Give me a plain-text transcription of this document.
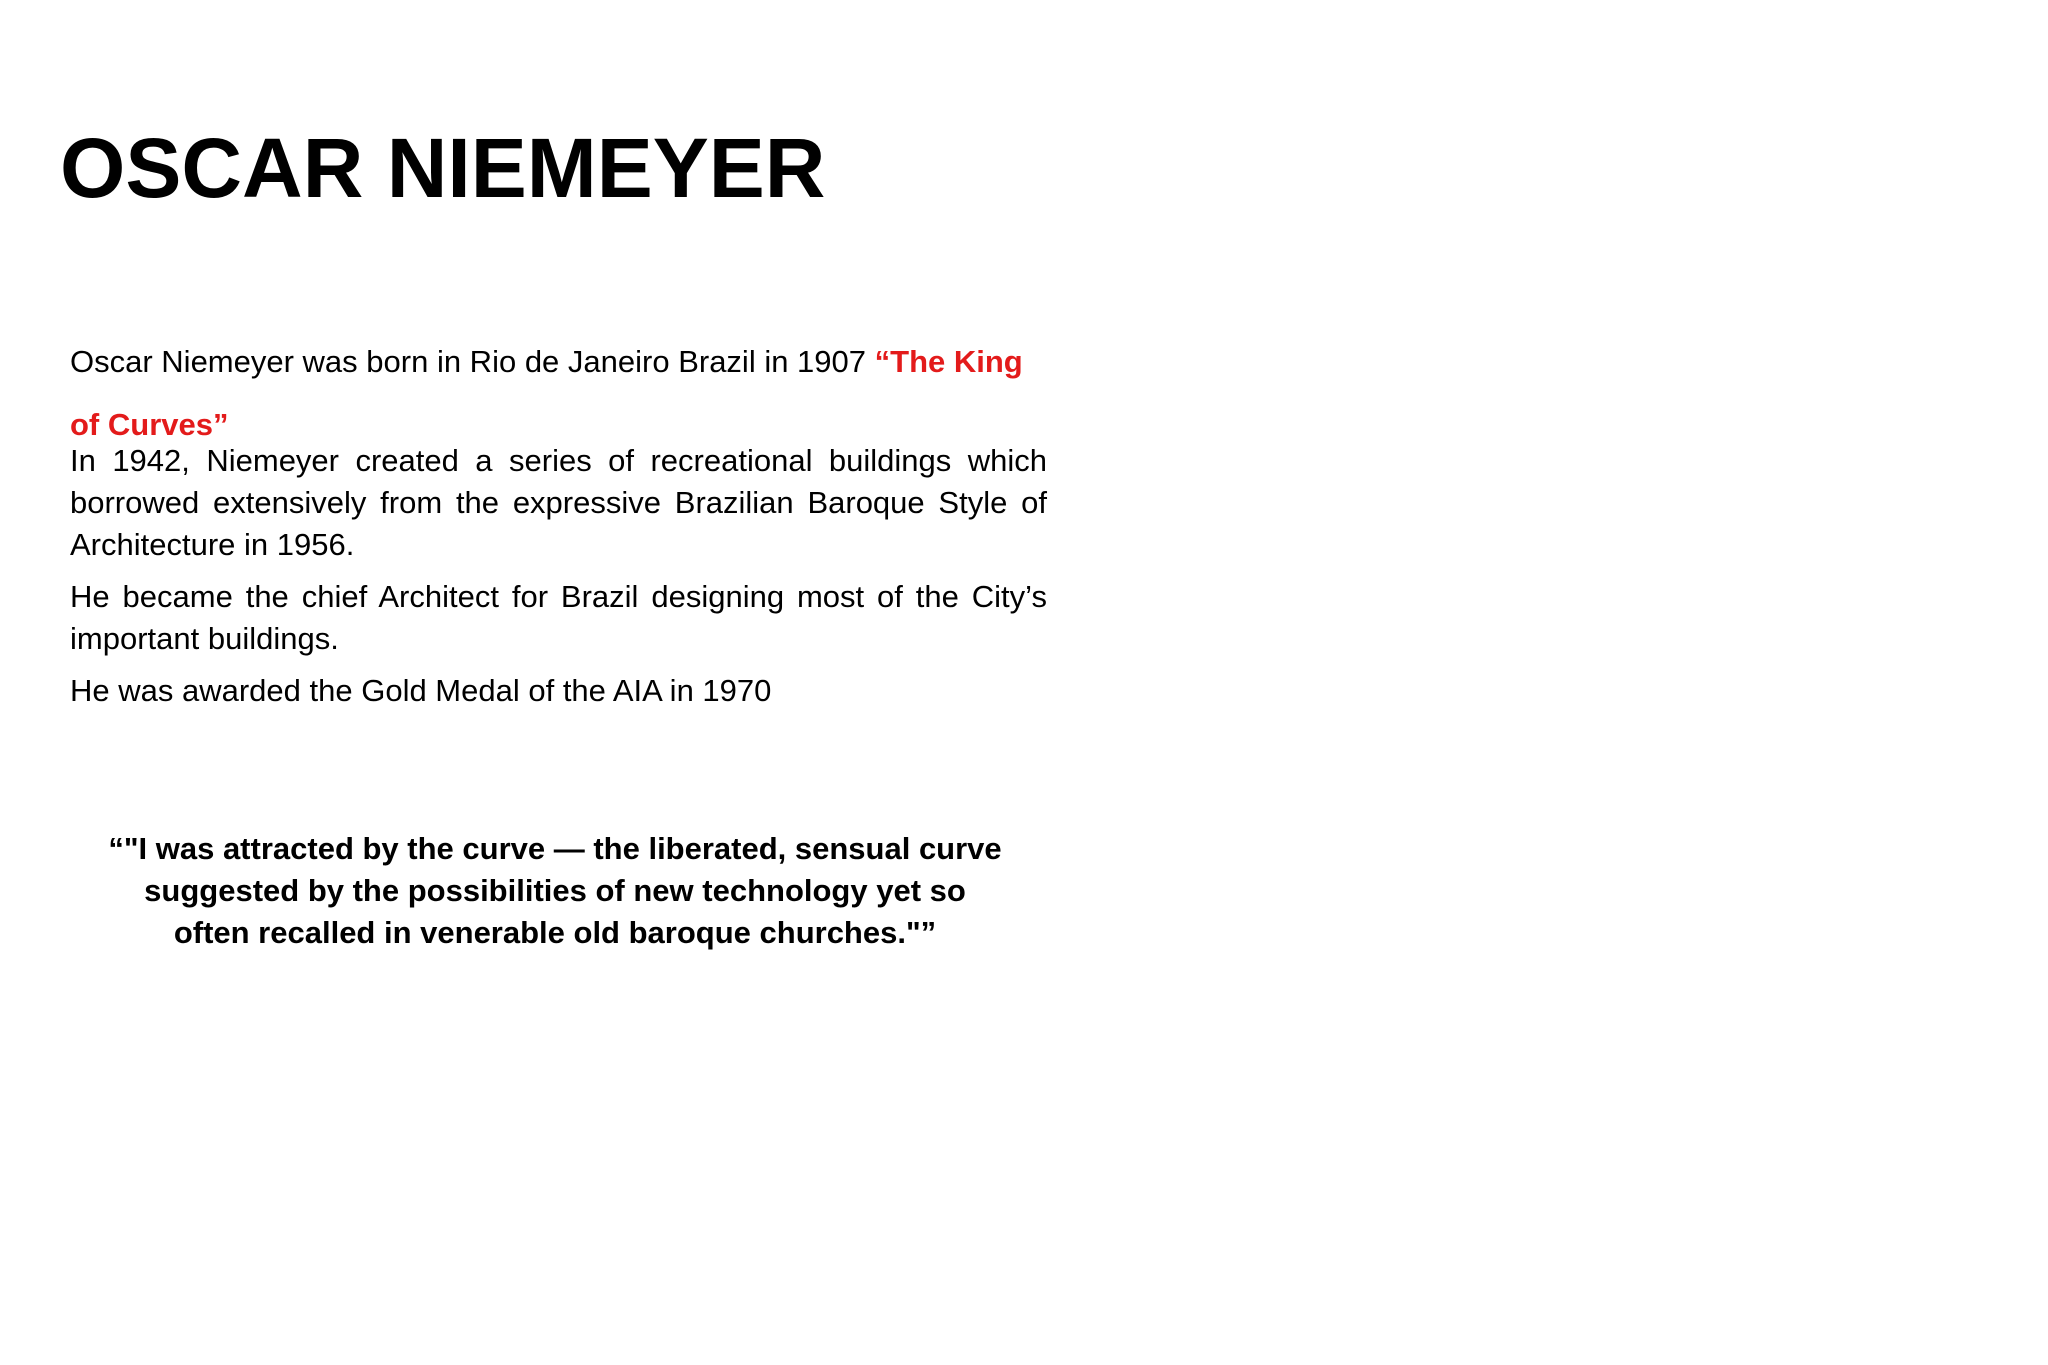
OSCAR NIEMEYER

Oscar Niemeyer was born in Rio de Janeiro Brazil in 1907 “The King of Curves”

In 1942, Niemeyer created a series of recreational buildings which borrowed extensively from the expressive Brazilian Baroque Style of Architecture in 1956.

He became the chief Architect for Brazil designing most of the City’s important buildings.

He was awarded the Gold Medal of the AIA in 1970

“"I was attracted by the curve — the liberated, sensual curve suggested by the possibilities of new technology yet so often recalled in venerable old baroque churches."”
